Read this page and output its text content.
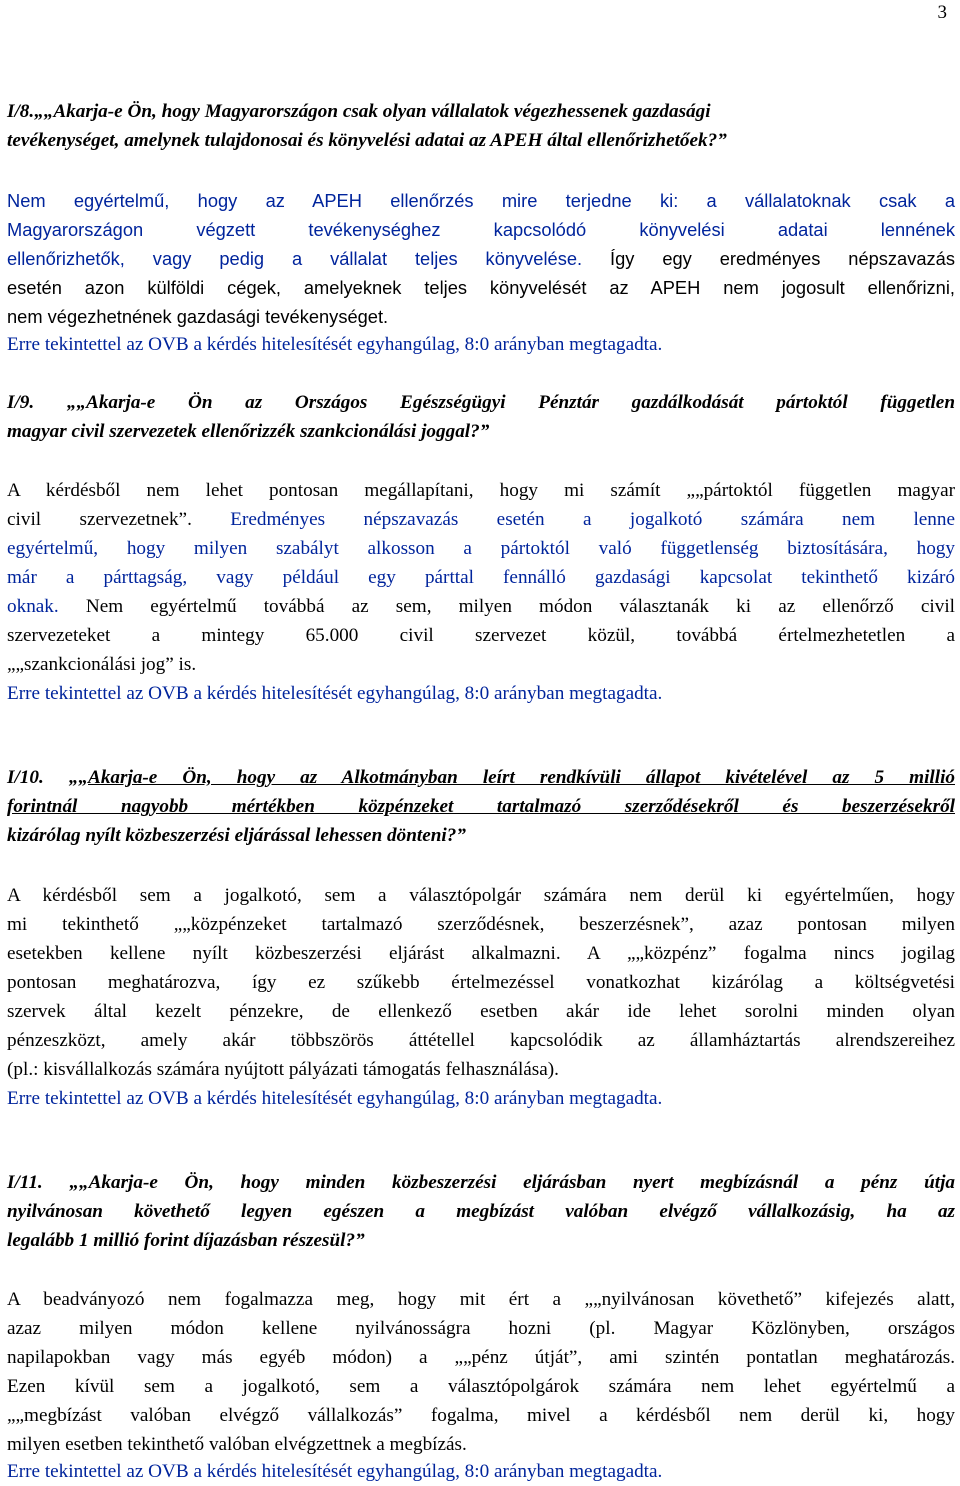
3
I/8.„„Akarja-e Ön, hogy Magyarországon csak olyan vállalatok végezhessenek gazdasági
tevékenységet, amelynek tulajdonosai és könyvelési adatai az APEH által ellenőrizhetőek?”
Nem egyértelmű, hogy az APEH ellenőrzés mire terjedne ki: a vállalatoknak csak a
Magyarországon végzett tevékenységhez kapcsolódó könyvelési adatai lennének
ellenőrizhetők, vagy pedig a vállalat teljes könyvelése. Így egy eredményes népszavazás
esetén azon külföldi cégek, amelyeknek teljes könyvelését az APEH nem jogosult ellenőrizni,
nem végezhetnének gazdasági tevékenységet.
Erre tekintettel az OVB a kérdés hitelesítését egyhangúlag, 8:0 arányban megtagadta.
I/9. „„Akarja-e Ön az Országos Egészségügyi Pénztár gazdálkodását pártoktól független
magyar civil szervezetek ellenőrizzék szankcionálási joggal?”
A kérdésből nem lehet pontosan megállapítani, hogy mi számít „„pártoktól független magyar
civil szervezetnek”. Eredményes népszavazás esetén a jogalkotó számára nem lenne
egyértelmű, hogy milyen szabályt alkosson a pártoktól való függetlenség biztosítására, hogy
már a párttagság, vagy például egy párttal fennálló gazdasági kapcsolat tekinthető kizáró
oknak. Nem egyértelmű továbbá az sem, milyen módon választanák ki az ellenőrző civil
szervezeteket a mintegy 65.000 civil szervezet közül, továbbá értelmezhetetlen a
„„szankcionálási jog” is.
Erre tekintettel az OVB a kérdés hitelesítését egyhangúlag, 8:0 arányban megtagadta.
I/10. „„Akarja-e Ön, hogy az Alkotmányban leírt rendkívüli állapot kivételével az 5 millió
forintnál nagyobb mértékben közpénzeket tartalmazó szerződésekről és beszerzésekről
kizárólag nyílt közbeszerzési eljárással lehessen dönteni?”
A kérdésből sem a jogalkotó, sem a választópolgár számára nem derül ki egyértelműen, hogy
mi tekinthető „„közpénzeket tartalmazó szerződésnek, beszerzésnek”, azaz pontosan milyen
esetekben kellene nyílt közbeszerzési eljárást alkalmazni. A „„közpénz” fogalma nincs jogilag
pontosan meghatározva, így ez szűkebb értelmezéssel vonatkozhat kizárólag a költségvetési
szervek által kezelt pénzekre, de ellenkező esetben akár ide lehet sorolni minden olyan
pénzeszközt, amely akár többszörös áttétellel kapcsolódik az államháztartás alrendszereihez
(pl.: kisvállalkozás számára nyújtott pályázati támogatás felhasználása).
Erre tekintettel az OVB a kérdés hitelesítését egyhangúlag, 8:0 arányban megtagadta.
I/11. „„Akarja-e Ön, hogy minden közbeszerzési eljárásban nyert megbízásnál a pénz útja
nyilvánosan követhető legyen egészen a megbízást valóban elvégző vállalkozásig, ha az
legalább 1 millió forint díjazásban részesül?”
A beadványozó nem fogalmazza meg, hogy mit ért a „„nyilvánosan követhető” kifejezés alatt,
azaz milyen módon kellene nyilvánosságra hozni (pl. Magyar Közlönyben, országos
napilapokban vagy más egyéb módon) a „„pénz útját”, ami szintén pontatlan meghatározás.
Ezen kívül sem a jogalkotó, sem a választópolgárok számára nem lehet egyértelmű a
„„megbízást valóban elvégző vállalkozás” fogalma, mivel a kérdésből nem derül ki, hogy
milyen esetben tekinthető valóban elvégzettnek a megbízás.
Erre tekintettel az OVB a kérdés hitelesítését egyhangúlag, 8:0 arányban megtagadta.
